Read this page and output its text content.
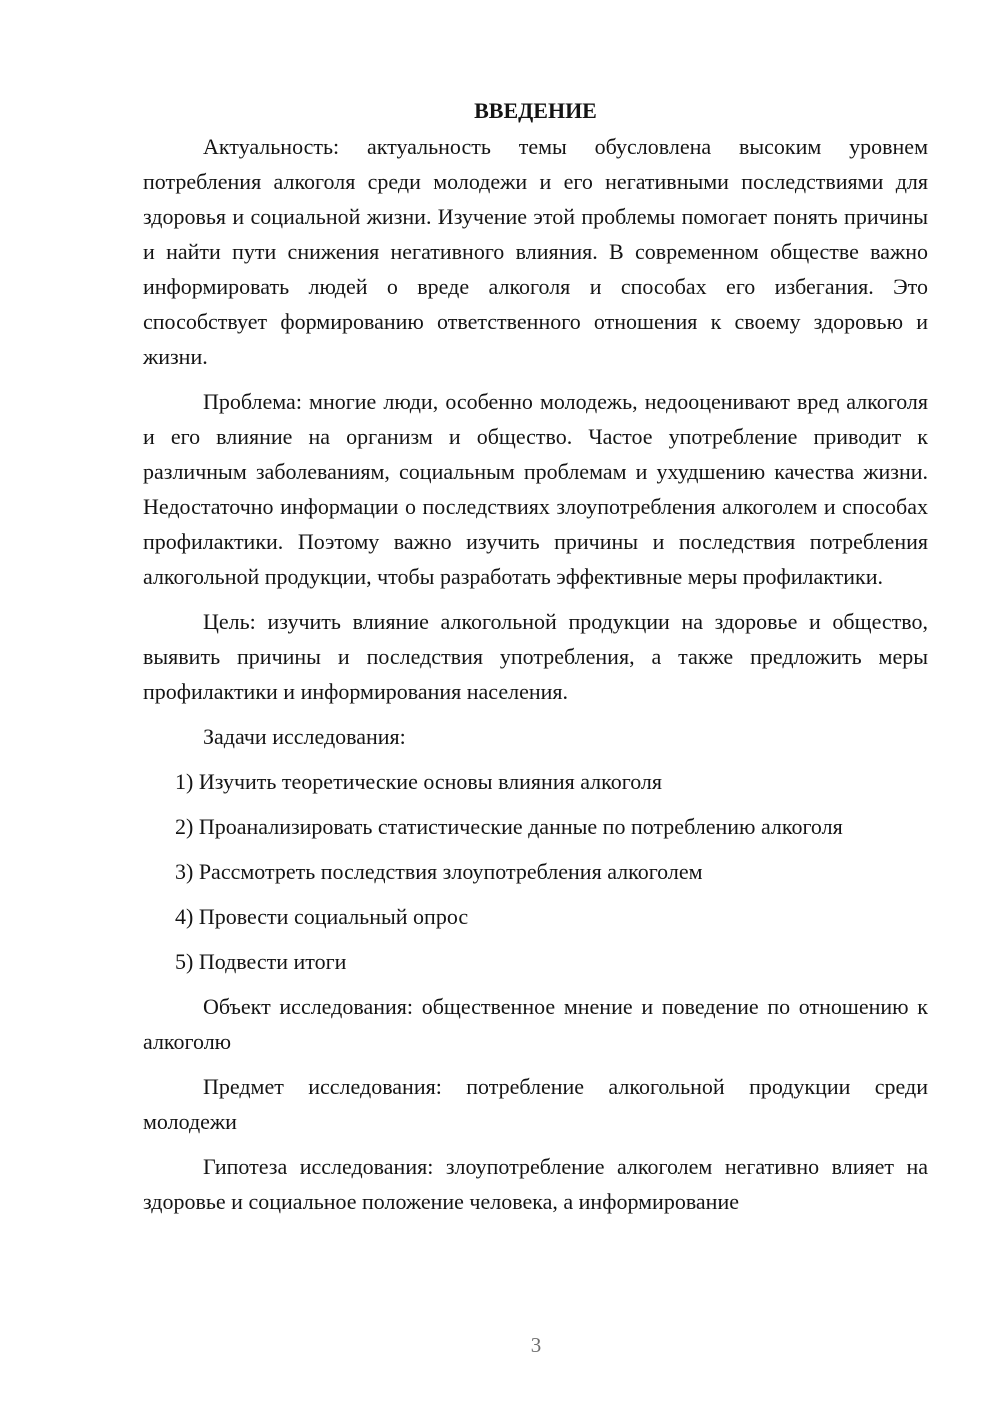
ВВЕДЕНИЕ

Актуальность: актуальность темы обусловлена высоким уровнем потребления алкоголя среди молодежи и его негативными последствиями для здоровья и социальной жизни. Изучение этой проблемы помогает понять причины и найти пути снижения негативного влияния. В современном обществе важно информировать людей о вреде алкоголя и способах его избегания. Это способствует формированию ответственного отношения к своему здоровью и жизни.

Проблема: многие люди, особенно молодежь, недооценивают вред алкоголя и его влияние на организм и общество. Частое употребление приводит к различным заболеваниям, социальным проблемам и ухудшению качества жизни. Недостаточно информации о последствиях злоупотребления алкоголем и способах профилактики. Поэтому важно изучить причины и последствия потребления алкогольной продукции, чтобы разработать эффективные меры профилактики.

Цель: изучить влияние алкогольной продукции на здоровье и общество, выявить причины и последствия употребления, а также предложить меры профилактики и информирования населения.

Задачи исследования:

1) Изучить теоретические основы влияния алкоголя

2) Проанализировать статистические данные по потреблению алкоголя

3) Рассмотреть последствия злоупотребления алкоголем

4) Провести социальный опрос

5) Подвести итоги

Объект исследования: общественное мнение и поведение по отношению к алкоголю

Предмет исследования: потребление алкогольной продукции среди молодежи

Гипотеза исследования: злоупотребление алкоголем негативно влияет на здоровье и социальное положение человека, а информирование

3
